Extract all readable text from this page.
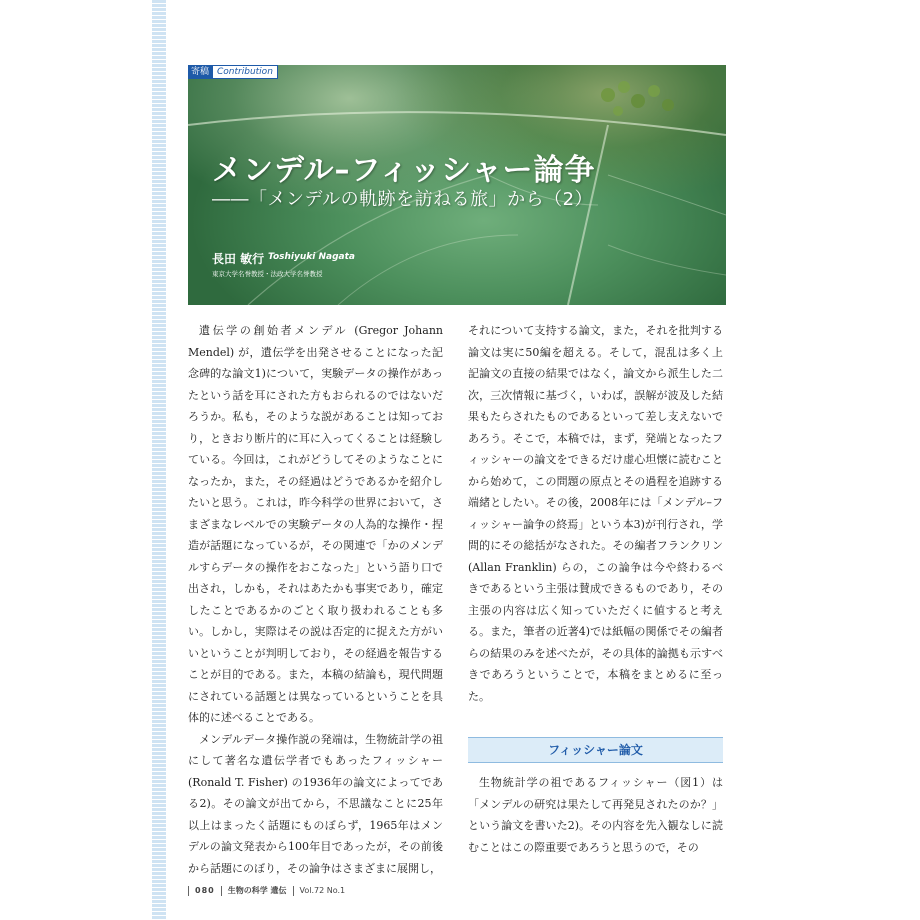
寄稿 Contribution
メンデル–フィッシャー論争
――「メンデルの軌跡を訪ねる旅」から（2）
長田 敏行 Toshiyuki Nagata
東京大学名誉教授・法政大学名誉教授

遺伝学の創始者メンデル (Gregor Johann Mendel) が，遺伝学を出発させることになった記念碑的な論文1)について，実験データの操作があったという話を耳にされた方もおられるのではないだろうか。私も，そのような説があることは知っており，ときおり断片的に耳に入ってくることは経験している。今回は，これがどうしてそのようなことになったか，また，その経過はどうであるかを紹介したいと思う。これは，昨今科学の世界において，さまざまなレベルでの実験データの人為的な操作・捏造が話題になっているが，その関連で「かのメンデルすらデータの操作をおこなった」という語り口で出され，しかも，それはあたかも事実であり，確定したことであるかのごとく取り扱われることも多い。しかし，実際はその説は否定的に捉えた方がいいということが判明しており，その経過を報告することが目的である。また，本稿の結論も，現代問題にされている話題とは異なっているということを具体的に述べることである。

メンデルデータ操作説の発端は，生物統計学の祖にして著名な遺伝学者でもあったフィッシャー (Ronald T. Fisher) の1936年の論文によってである2)。その論文が出てから，不思議なことに25年以上はまったく話題にものぼらず，1965年はメンデルの論文発表から100年目であったが，その前後から話題にのぼり，その論争はさまざまに展開し，

それについて支持する論文，また，それを批判する論文は実に50編を超える。そして，混乱は多く上記論文の直接の結果ではなく，論文から派生した二次，三次情報に基づく，いわば，誤解が波及した結果もたらされたものであるといって差し支えないであろう。そこで，本稿では，まず，発端となったフィッシャーの論文をできるだけ虚心坦懐に読むことから始めて，この問題の原点とその過程を追跡する端緒としたい。その後，2008年には「メンデル–フィッシャー論争の終焉」という本3)が刊行され，学問的にその総括がなされた。その編者フランクリン (Allan Franklin) らの，この論争は今や終わるべきであるという主張は賛成できるものであり，その主張の内容は広く知っていただくに値すると考える。また，筆者の近著4)では紙幅の関係でその編者らの結果のみを述べたが，その具体的論拠も示すべきであろうということで，本稿をまとめるに至った。

フィッシャー論文

生物統計学の祖であるフィッシャー（図1）は「メンデルの研究は果たして再発見されたのか？」という論文を書いた2)。その内容を先入観なしに読むことはこの際重要であろうと思うので，その

080 生物の科学 遺伝 Vol.72 No.1
